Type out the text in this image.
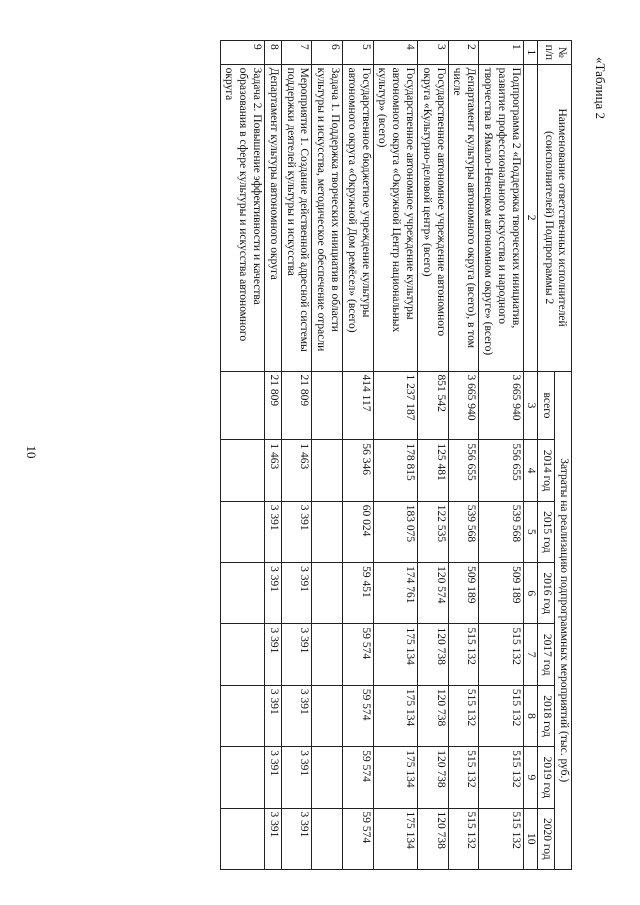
10
«Таблица 2
№ п/п	Наименование ответственных исполнителей (соисполнителей) Подпрограммы 2	Затраты на реализацию подпрограммных мероприятий (тыс. руб.)							
		всего	2014 год	2015 год	2016 год	2017 год	2018 год	2019 год	2020 год
1	2	3	4	5	6	7	8	9	10
1	Подпрограмма 2 «Поддержка творческих инициатив, развитие профессионального искусства и народного творчества в Ямало-Ненецком автономном округе» (всего)	3 665 940	556 655	539 568	509 189	515 132	515 132	515 132	515 132
2	Департамент культуры автономного округа (всего), в том числе	3 665 940	556 655	539 568	509 189	515 132	515 132	515 132	515 132
3	Государственное автономное учреждение автономного округа «Культурно-деловой центр» (всего)	851 542	125 481	122 535	120 574	120 738	120 738	120 738	120 738
4	Государственное автономное учреждение культуры автономного округа «Окружной Центр национальных культур» (всего)	1 237 187	178 815	183 075	174 761	175 134	175 134	175 134	175 134
5	Государственное бюджетное учреждение культуры автономного округа «Окружной Дом ремёсел» (всего)	414 117	56 346	60 024	59 451	59 574	59 574	59 574	59 574
6	Задача 1. Поддержка творческих инициатив в области культуры и искусства, методическое обеспечение отрасли								
7	Мероприятие 1. Создание действенной адресной системы поддержки деятелей культуры и искусства	21 809	1 463	3 391	3 391	3 391	3 391	3 391	3 391
8	Департамент культуры автономного округа	21 809	1 463	3 391	3 391	3 391	3 391	3 391	3 391
9	Задача 2. Повышение эффективности и качества образования в сфере культуры и искусства автономного округа								
